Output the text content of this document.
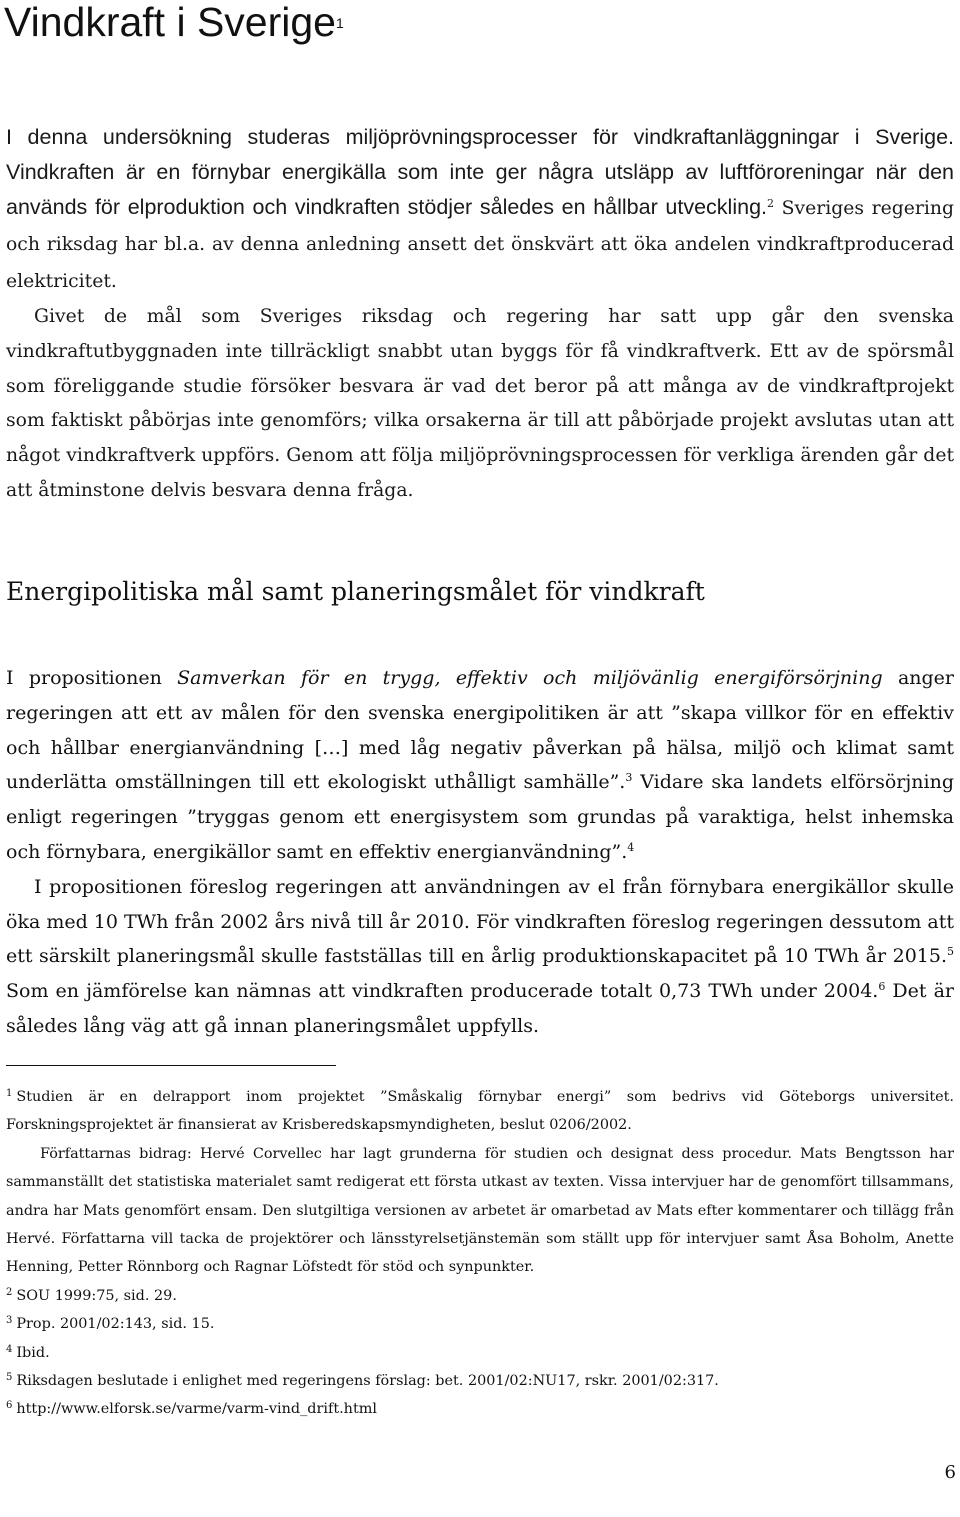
Vindkraft i Sverige$^1$

I denna undersökning studeras miljöprövningsprocesser för vindkraftanläggningar i Sverige. Vindkraften är en förnybar energikälla som inte ger några utsläpp av luftföroreningar när den används för elproduktion och vindkraften stödjer således en hållbar utveckling.$^2$ Sveriges regering och riksdag har bl.a. av denna anledning ansett det önskvärt att öka andelen vindkraftproducerad elektricitet.

Givet de mål som Sveriges riksdag och regering har satt upp går den svenska vindkraftutbyggnaden inte tillräckligt snabbt utan byggs för få vindkraftverk. Ett av de spörsmål som föreliggande studie försöker besvara är vad det beror på att många av de vindkraftprojekt som faktiskt påbörjas inte genomförs; vilka orsakerna är till att påbörjade projekt avslutas utan att något vindkraftverk uppförs. Genom att följa miljöprövningsprocessen för verkliga ärenden går det att åtminstone delvis besvara denna fråga.

Energipolitiska mål samt planeringsmålet för vindkraft

I propositionen Samverkan för en trygg, effektiv och miljövänlig energiförsörjning anger regeringen att ett av målen för den svenska energipolitiken är att ”skapa villkor för en effektiv och hållbar energianvändning […] med låg negativ påverkan på hälsa, miljö och klimat samt underlätta omställningen till ett ekologiskt uthålligt samhälle”.$^3$ Vidare ska landets elförsörjning enligt regeringen ”tryggas genom ett energisystem som grundas på varaktiga, helst inhemska och förnybara, energikällor samt en effektiv energianvändning”.$^4$

I propositionen föreslog regeringen att användningen av el från förnybara energikällor skulle öka med 10 TWh från 2002 års nivå till år 2010. För vindkraften föreslog regeringen dessutom att ett särskilt planeringsmål skulle fastställas till en årlig produktionskapacitet på 10 TWh år 2015.$^5$ Som en jämförelse kan nämnas att vindkraften producerade totalt 0,73 TWh under 2004.$^6$ Det är således lång väg att gå innan planeringsmålet uppfylls.

$^1$ Studien är en delrapport inom projektet ”Småskalig förnybar energi” som bedrivs vid Göteborgs universitet. Forskningsprojektet är finansierat av Krisberedskapsmyndigheten, beslut 0206/2002.

Författarnas bidrag: Hervé Corvellec har lagt grunderna för studien och designat dess procedur. Mats Bengtsson har sammanställt det statistiska materialet samt redigerat ett första utkast av texten. Vissa intervjuer har de genomfört tillsammans, andra har Mats genomfört ensam. Den slutgiltiga versionen av arbetet är omarbetad av Mats efter kommentarer och tillägg från Hervé. Författarna vill tacka de projektörer och länsstyrelsetjänstemän som ställt upp för intervjuer samt Åsa Boholm, Anette Henning, Petter Rönnborg och Ragnar Löfstedt för stöd och synpunkter.

$^2$ SOU 1999:75, sid. 29.

$^3$ Prop. 2001/02:143, sid. 15.

$^4$ Ibid.

$^5$ Riksdagen beslutade i enlighet med regeringens förslag: bet. 2001/02:NU17, rskr. 2001/02:317.

$^6$ http://www.elforsk.se/varme/varm-vind_drift.html

6
